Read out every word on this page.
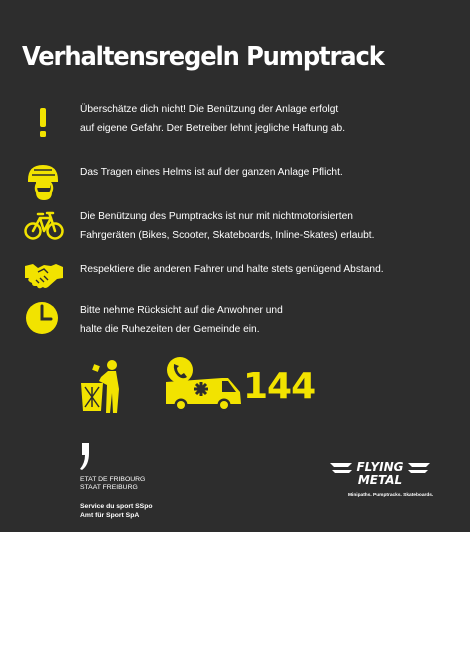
Verhaltensregeln Pumptrack
Überschätze dich nicht! Die Benützung der Anlage erfolgt
auf eigene Gefahr. Der Betreiber lehnt jegliche Haftung ab.
Das Tragen eines Helms ist auf der ganzen Anlage Pflicht.
Die Benützung des Pumptracks ist nur mit nichtmotorisierten
Fahrgeräten (Bikes, Scooter, Skateboards, Inline-Skates) erlaubt.
Respektiere die anderen Fahrer und halte stets genügend Abstand.
Bitte nehme Rücksicht auf die Anwohner und
halte die Ruhezeiten der Gemeinde ein.
144
ETAT DE FRIBOURG
STAAT FREIBURG
Service du sport SSpo
Amt für Sport SpA
FLYING
METAL
Minipaths. Pumptracks. Skateboards.
